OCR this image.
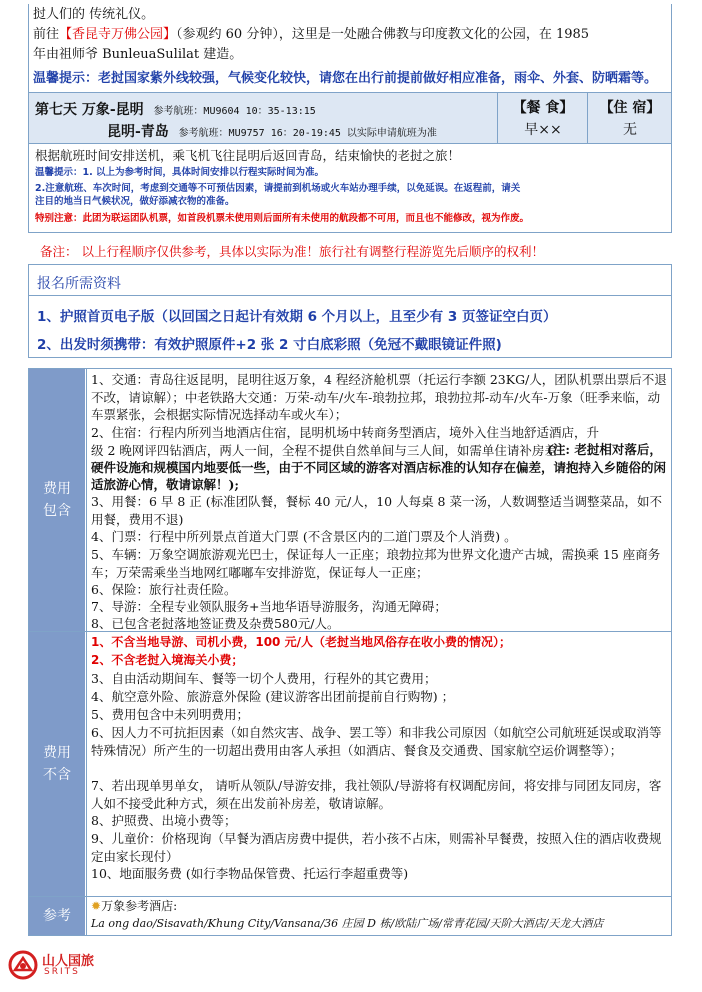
挝人们的 传统礼仪。
前往【香昆寺万佛公园】（参观约 60 分钟），这里是一处融合佛教与印度教文化的公园，在 1985
年由祖师爷 BunleuaSulilat 建造。
温馨提示：老挝国家紫外线较强，气候变化较快，请您在出行前提前做好相应准备，雨伞、外套、防晒霜等。
第七天 万象-昆明 参考航班：MU9604 10：35-13:15
昆明-青岛 参考航班：MU9757 16：20-19:45 以实际申请航班为准
【餐 食】
早××
【住 宿】
无
根据航班时间安排送机，乘飞机飞往昆明后返回青岛，结束愉快的老挝之旅！
温馨提示：1. 以上为参考时间，具体时间安排以行程实际时间为准。
2.注意航班、车次时间，考虑到交通等不可预估因素，请提前到机场或火车站办理手续，以免延误。在返程前，请关
注目的地当日气候状况，做好添减衣物的准备。
特别注意：此团为联运团队机票，如首段机票未使用则后面所有未使用的航段都不可用，而且也不能修改，视为作废。
备注： 以上行程顺序仅供参考，具体以实际为准！旅行社有调整行程游览先后顺序的权利！
报名所需资料
1、护照首页电子版（以回国之日起计有效期 6 个月以上，且至少有 3 页签证空白页）
2、出发时须携带：有效护照原件+2 张 2 寸白底彩照（免冠不戴眼镜证件照)
费用
包含

1、交通：青岛往返昆明，昆明往返万象，4 程经济舱机票（托运行李额 23KG/人，团队机票出票后不退不改，请谅解）；中老铁路大交通：万荣-动车/火车-琅勃拉邦，琅勃拉邦-动车/火车-万象（旺季来临，动车票紧张，会根据实际情况选择动车或火车）；

2、住宿：行程内所列当地酒店住宿，昆明机场中转商务型酒店，境外入住当地舒适酒店，升级 2 晚网评四钻酒店，两人一间，全程不提供自然单间与三人间，如需单住请补房差

(注: 老挝相对落后，硬件设施和规模国内地要低一些，由于不同区域的游客对酒店标准的认知存在偏差，请抱持入乡随俗的闲适旅游心情，敬请谅解！);

3、用餐：6 早 8 正 (标准团队餐，餐标 40 元/人，10 人每桌 8 菜一汤，人数调整适当调整菜品，如不用餐，费用不退)

4、门票：行程中所列景点首道大门票 (不含景区内的二道门票及个人消费) 。

5、车辆：万象空调旅游观光巴士，保证每人一正座；琅勃拉邦为世界文化遗产古城，需换乘 15 座商务车；万荣需乘坐当地网红嘟嘟车安排游览，保证每人一正座；

6、保险：旅行社责任险。

7、导游：全程专业领队服务+当地华语导游服务，沟通无障碍；

8、已包含老挝落地签证费及杂费580元/人。

费用
不含

1、不含当地导游、司机小费，100 元/人（老挝当地风俗存在收小费的情况）；

2、不含老挝入境海关小费；

3、自由活动期间车、餐等一切个人费用，行程外的其它费用；

4、航空意外险、旅游意外保险 (建议游客出团前提前自行购物) ；

5、费用包含中未列明费用；

6、因人力不可抗拒因素（如自然灾害、战争、罢工等）和非我公司原因（如航空公司航班延误或取消等特殊情况）所产生的一切超出费用由客人承担（如酒店、餐食及交通费、国家航空运价调整等）；

7、若出现单男单女， 请听从领队/导游安排，我社领队/导游将有权调配房间，将安排与同团友同房，客人如不接受此种方式，须在出发前补房差，敬请谅解。

8、护照费、出境小费等；

9、儿童价：价格现询（早餐为酒店房费中提供，若小孩不占床，则需补早餐费，按照入住的酒店收费规定由家长现付）

10、地面服务费 (如行李物品保管费、托运行李超重费等)

参考

✹万象参考酒店:

La ong dao/Sisavath/Khung City/Vansana/36 庄园 D 栋/欧陆广场/常青花园/天阶大酒店/天龙大酒店

山人国旅
SRITS
